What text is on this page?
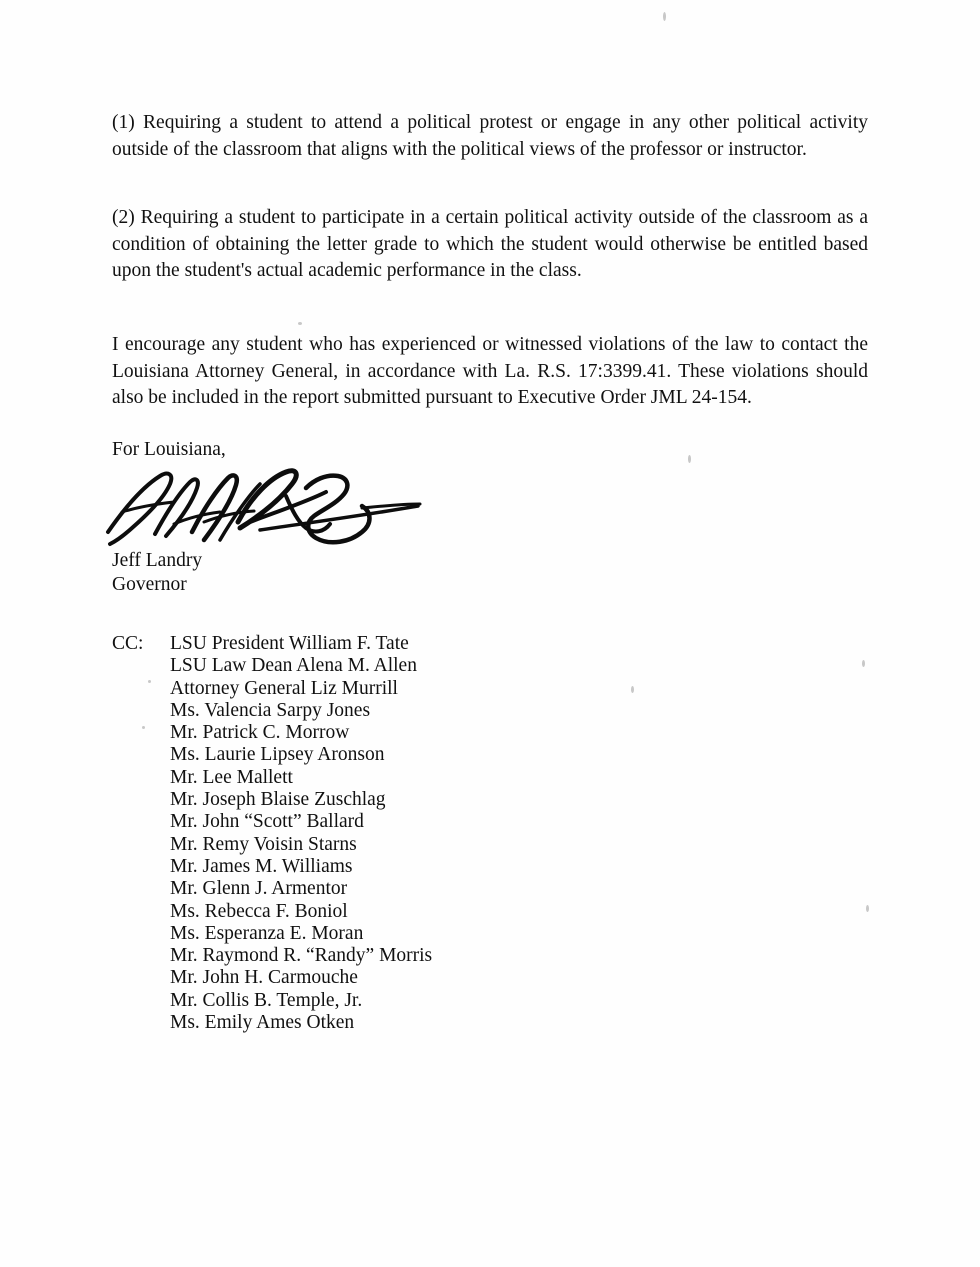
(1) Requiring a student to attend a political protest or engage in any other political activity outside of the classroom that aligns with the political views of the professor or instructor.

(2) Requiring a student to participate in a certain political activity outside of the classroom as a condition of obtaining the letter grade to which the student would otherwise be entitled based upon the student's actual academic performance in the class.

I encourage any student who has experienced or witnessed violations of the law to contact the Louisiana Attorney General, in accordance with La. R.S. 17:3399.41. These violations should also be included in the report submitted pursuant to Executive Order JML 24-154.

For Louisiana,
Jeff Landry
Governor
CC:	LSU President William F. Tate
LSU Law Dean Alena M. Allen
Attorney General Liz Murrill
Ms. Valencia Sarpy Jones
Mr. Patrick C. Morrow
Ms. Laurie Lipsey Aronson
Mr. Lee Mallett
Mr. Joseph Blaise Zuschlag
Mr. John “Scott” Ballard
Mr. Remy Voisin Starns
Mr. James M. Williams
Mr. Glenn J. Armentor
Ms. Rebecca F. Boniol
Ms. Esperanza E. Moran
Mr. Raymond R. “Randy” Morris
Mr. John H. Carmouche
Mr. Collis B. Temple, Jr.
Ms. Emily Ames Otken
